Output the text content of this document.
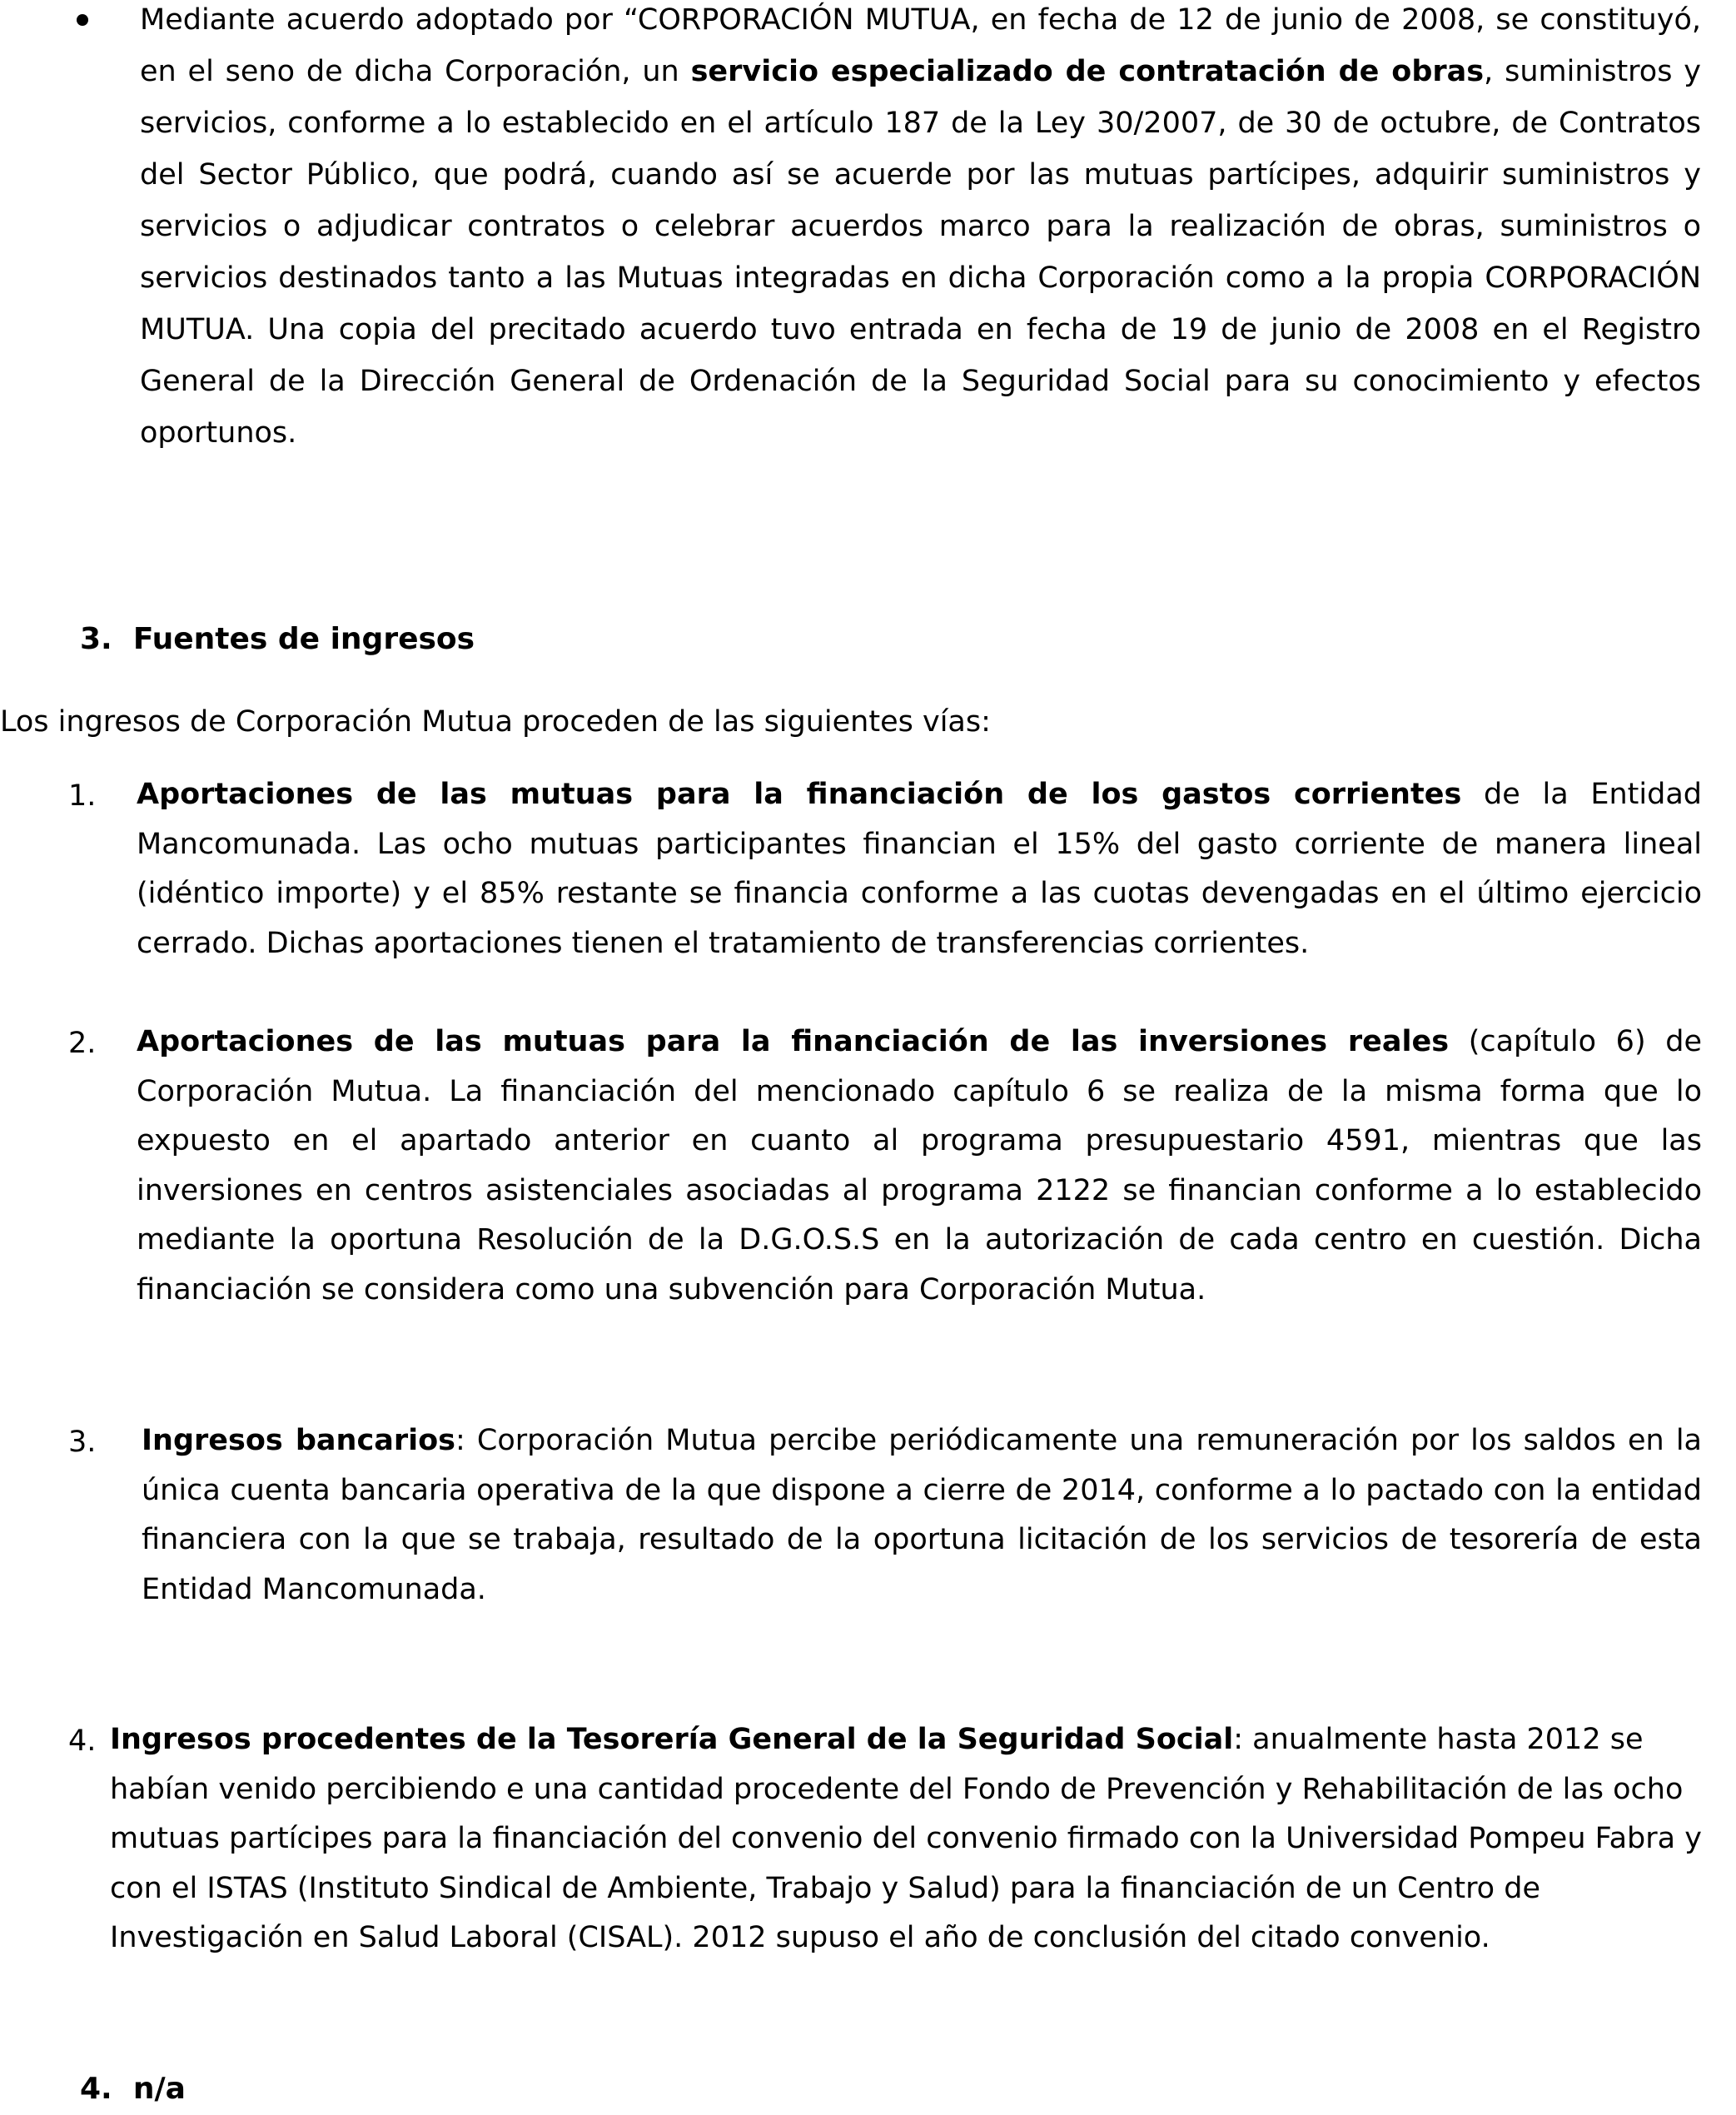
Mediante acuerdo adoptado por “CORPORACIÓN MUTUA, en fecha de 12 de junio de 2008, se constituyó, en el seno de dicha Corporación, un servicio especializado de contratación de obras, suministros y servicios, conforme a lo establecido en el artículo 187 de la Ley 30/2007, de 30 de octubre, de Contratos del Sector Público, que podrá, cuando así se acuerde por las mutuas partícipes, adquirir suministros y servicios o adjudicar contratos o celebrar acuerdos marco para la realización de obras, suministros o servicios destinados tanto a las Mutuas integradas en dicha Corporación como a la propia CORPORACIÓN MUTUA. Una copia del precitado acuerdo tuvo entrada en fecha de 19 de junio de 2008 en el Registro General de la Dirección General de Ordenación de la Seguridad Social para su conocimiento y efectos oportunos.

3. Fuentes de ingresos

Los ingresos de Corporación Mutua proceden de las siguientes vías:

1. Aportaciones de las mutuas para la financiación de los gastos corrientes de la Entidad Mancomunada. Las ocho mutuas participantes financian el 15% del gasto corriente de manera lineal (idéntico importe) y el 85% restante se financia conforme a las cuotas devengadas en el último ejercicio cerrado. Dichas aportaciones tienen el tratamiento de transferencias corrientes.

2. Aportaciones de las mutuas para la financiación de las inversiones reales (capítulo 6) de Corporación Mutua. La financiación del mencionado capítulo 6 se realiza de la misma forma que lo expuesto en el apartado anterior en cuanto al programa presupuestario 4591, mientras que las inversiones en centros asistenciales asociadas al programa 2122 se financian conforme a lo establecido mediante la oportuna Resolución de la D.G.O.S.S en la autorización de cada centro en cuestión. Dicha financiación se considera como una subvención para Corporación Mutua.

3. Ingresos bancarios: Corporación Mutua percibe periódicamente una remuneración por los saldos en la única cuenta bancaria operativa de la que dispone a cierre de 2014, conforme a lo pactado con la entidad financiera con la que se trabaja, resultado de la oportuna licitación de los servicios de tesorería de esta Entidad Mancomunada.

4. Ingresos procedentes de la Tesorería General de la Seguridad Social: anualmente hasta 2012 se habían venido percibiendo e una cantidad procedente del Fondo de Prevención y Rehabilitación de las ocho mutuas partícipes para la financiación del convenio del convenio firmado con la Universidad Pompeu Fabra y con el ISTAS (Instituto Sindical de Ambiente, Trabajo y Salud) para la financiación de un Centro de Investigación en Salud Laboral (CISAL). 2012 supuso el año de conclusión del citado convenio.

4. n/a
